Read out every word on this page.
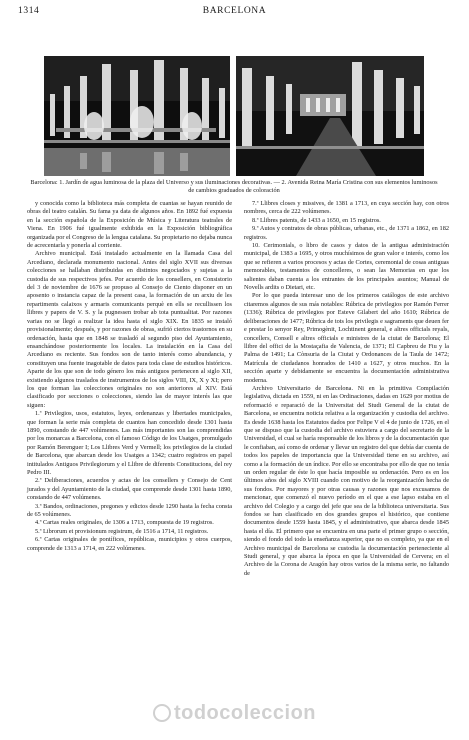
1314	BARCELONA
Barcelona: 1. Jardín de agua luminosa de la plaza del Universo y sus iluminaciones decorativas. — 2. Avenida Reina María Cristina con sus elementos luminosos de cambios graduados de coloración

y conocida como la biblioteca más completa de cuantas se hayan reunido de obras del teatro catalán. Su fama ya data de algunos años. En 1892 fué expuesta en la sección española de la Exposición de Música y Literatura teatrales de Viena. En 1906 fué igualmente exhibida en la Exposición bibliográfica organizada por el Congreso de la lengua catalana. Su propietario no dejaba nunca de acrecentarla y ponerla al corriente.

Archivo municipal. Está instalado actualmente en la llamada Casa del Arcediano, declarada monumento nacional. Antes del siglo XVII sus diversas colecciones se hallaban distribuidas en distintos negociados y sujetas a la custodia de sus respectivos jefes. Por acuerdo de los consellers, en Consistorio del 3 de noviembre de 1676 se propuso al Consejo de Ciento disponer en un aposento o instancia capaz de la present casa, la formación de un arxiu de les repartiments calaixos y armaris comunicants perquè en ells se recullissen los llibres y papers de V. S. y la pugnessen trobar ab tota puntualitat. Por razones varias no se llegó a realizar la idea hasta el siglo XIX. En 1835 se instaló provisionalmente; después, y por razones de obras, sufrió ciertos trastornos en su ordenación, hasta que en 1848 se trasladó al segundo piso del Ayuntamiento, ensanchándose posteriormente los locales. La instalación en la Casa del Arcediano es reciente. Sus fondos son de tanto interés como abundancia, y constituyen una fuente inagotable de datos para toda clase de estudios históricos. Aparte de los que son de todo género los más antiguos pertenecen al siglo XII, existiendo algunos traslados de instrumentos de los siglos VIII, IX, X y XI; pero los que forman las colecciones originales no son anteriores al XIV. Está clasificado por secciones o colecciones, siendo las de mayor interés las que siguen:

1.ª Privilegios, usos, estatutos, leyes, ordenanzas y libertades municipales, que forman la serie más completa de cuantos han concedido desde 1301 hasta 1890, constando de 447 volúmenes. Las más importantes son las comprendidas por los monarcas a Barcelona, con el famoso Código de los Usatges, promulgado por Ramón Berenguer I; Los Llibres Verd y Vermell; los privilegios de la ciudad de Barcelona, que abarcan desde los Usatges a 1342; cuatro registros en papel intitulados Antiguos Privilegiorum y el Llibre de diferents Constitucions, del rey Pedro III.

2.ª Deliberaciones, acuerdos y actas de los consellers y Consejo de Cent jurados y del Ayuntamiento de la ciudad, que comprende desde 1301 hasta 1890, constando de 447 volúmenes.

3.ª Bandos, ordinaciones, pregones y edictos desde 1290 hasta la fecha consta de 65 volúmenes.

4.ª Cartas reales originales, de 1306 a 1713, compuesta de 19 registros.

5.ª Librorum et provisionum registrum, de 1516 a 1714, 11 registros.

6.ª Cartas originales de pontífices, repúblicas, municipios y otros cuerpos, comprende de 1313 a 1714, en 222 volúmenes.

7.ª Llibres closes y missives, de 1381 a 1713, en cuya sección hay, con otros nombres, cerca de 222 volúmenes.

8.ª Llibres patents, de 1433 a 1650, en 15 registros.

9.ª Autos y contratos de obras públicas, urbanas, etc., de 1371 a 1862, en 182 registros.

10. Cerimonials, o libro de casos y datos de la antigua administración municipal, de 1383 a 1695, y otros muchísimos de gran valor e interés, como los que se refieren a varios procesos y actas de Cortes, ceremonial de cosas antiguas memorables, testamentos de concelleres, o sean las Memorias en que los salientes daban cuenta a los entrantes de los principales asuntos; Manual de Novells ardits o Dietari, etc.

Por lo que pueda interesar uno de los primeros catálogos de este archivo citaremos algunos de sus más notables: Rúbrica de privilegios por Ramón Ferrer (1336); Rúbrica de privilegios por Esteve Gilabert del año 1610; Rúbrica de deliberaciones de 1477; Rúbrica de tots los privilegis e sagraments que deuen fer e prestar lo senyor Rey, Primogènit, Lochtinent general, e altres officials reyals, concellers, Consell e altres officials e ministres de la ciutat de Barcelona; El llibre del offici de la Mostaçafia de Valencia, de 1371; El Capbreu de Fiu y la Palma de 1491; La Cònsuria de la Ciutat y Ordonances de la Taula de 1472; Matrícula de ciudadanos honrados de 1410 a 1627, y otros muchos. En la sección aparte y debidamente se encuentra la documentación administrativa moderna.

Archivo Universitario de Barcelona. Ni en la primitiva Compilación legislativa, dictada en 1559, ni en las Ordinaciones, dadas en 1629 por motius de reformació e reparació de la Universitat del Studi General de la ciutat de Barcelona, se encuentra noticia relativa a la organización y custodia del archivo. Es desde 1638 hasta los Estatutos dados por Felipe V el 4 de junio de 1726, en el que se dispuso que la custodia del archivo estuviera a cargo del secretario de la Universidad, el cual se haría responsable de los libros y de la documentación que le confiaban, así como de ordenar y llevar un registro del que debía dar cuenta de todos los papeles de importancia que la Universidad tiene en su archivo, así como a la formación de un índice. Por ello se encontraba por ello de que no tenía un orden regular de éste lo que hacía imposible su ordenación. Pero es en los últimos años del siglo XVIII cuando con motivo de la reorganización hecha de sus fondos. Por mayores y por otras causas y razones que nos excusamos de mencionar, que comenzó el nuevo período en el que a ese lapso estaba en el archivo del Colegio y a cargo del jefe que sea de la biblioteca universitaria. Sus fondos se han clasificado en dos grandes grupos el histórico, que contiene documentos desde 1559 hasta 1845, y el administrativo, que abarca desde 1845 hasta el día. El primero que se encuentra en una parte el primer grupo o sección, siendo el fondo del todo la enseñanza superior, que no es completo, ya que en el Archivo municipal de Barcelona se custodia la documentación perteneciente al Studi general, y que abarca la época en que la Universidad de Cervera; en el Archivo de la Corona de Aragón hay otros varios de la misma serie, no faltando de

todocoleccion
